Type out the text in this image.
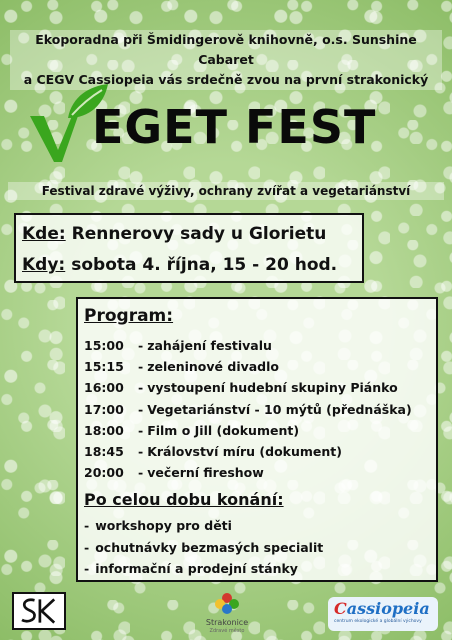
Ekoporadna při Šmidingerově knihovně, o.s. Sunshine Cabaret
a CEGV Cassiopeia vás srdečně zvou na první strakonický
EGET FEST
Festival zdravé výživy, ochrany zvířat a vegetariánství
Kde: Rennerovy sady u Glorietu
Kdy: sobota 4. října, 15 - 20 hod.
Program:
15:00 - zahájení festivalu
15:15 - zeleninové divadlo
16:00 - vystoupení hudební skupiny Piánko
17:00 - Vegetariánství - 10 mýtů (přednáška)
18:00 - Film o Jill (dokument)
18:45 - Království míru (dokument)
20:00 - večerní fireshow
Po celou dobu konání:
- workshopy pro děti
- ochutnávky bezmasých specialit
- informační a prodejní stánky
Strakonice
Zdravé město
Cassiopeia
centrum ekologické a globální výchovy
